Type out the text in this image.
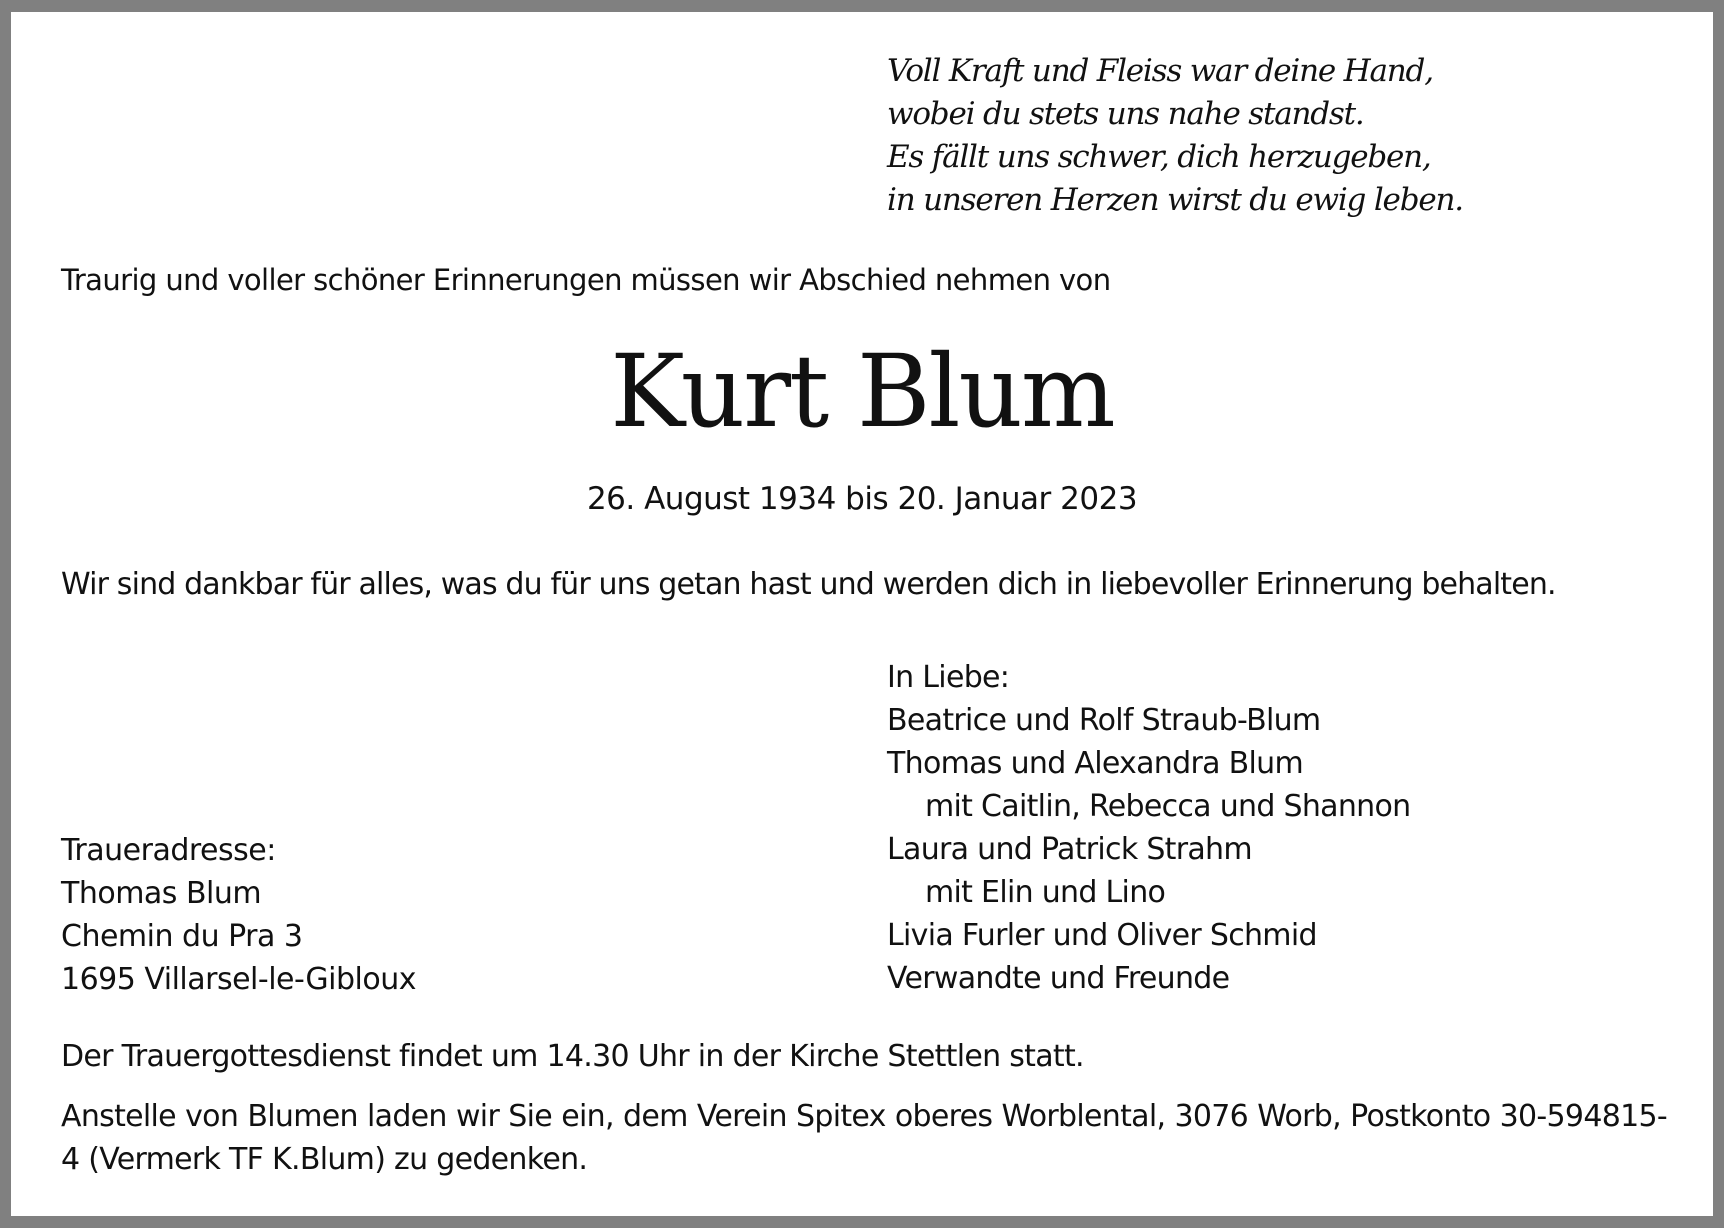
Voll Kraft und Fleiss war deine Hand,
wobei du stets uns nahe standst.
Es fällt uns schwer, dich herzugeben,
in unseren Herzen wirst du ewig leben.

Traurig und voller schöner Erinnerungen müssen wir Abschied nehmen von

Kurt Blum

26. August 1934 bis 20. Januar 2023

Wir sind dankbar für alles, was du für uns getan hast und werden dich in liebevoller Erinnerung behalten.

In Liebe:
Beatrice und Rolf Straub-Blum
Thomas und Alexandra Blum
mit Caitlin, Rebecca und Shannon
Laura und Patrick Strahm
mit Elin und Lino
Livia Furler und Oliver Schmid
Verwandte und Freunde
Traueradresse:
Thomas Blum
Chemin du Pra 3
1695 Villarsel-le-Gibloux

Der Trauergottesdienst findet um 14.30 Uhr in der Kirche Stettlen statt.

Anstelle von Blumen laden wir Sie ein, dem Verein Spitex oberes Worblental, 3076 Worb, Postkonto 30-594815-4 (Vermerk TF K.Blum) zu gedenken.
